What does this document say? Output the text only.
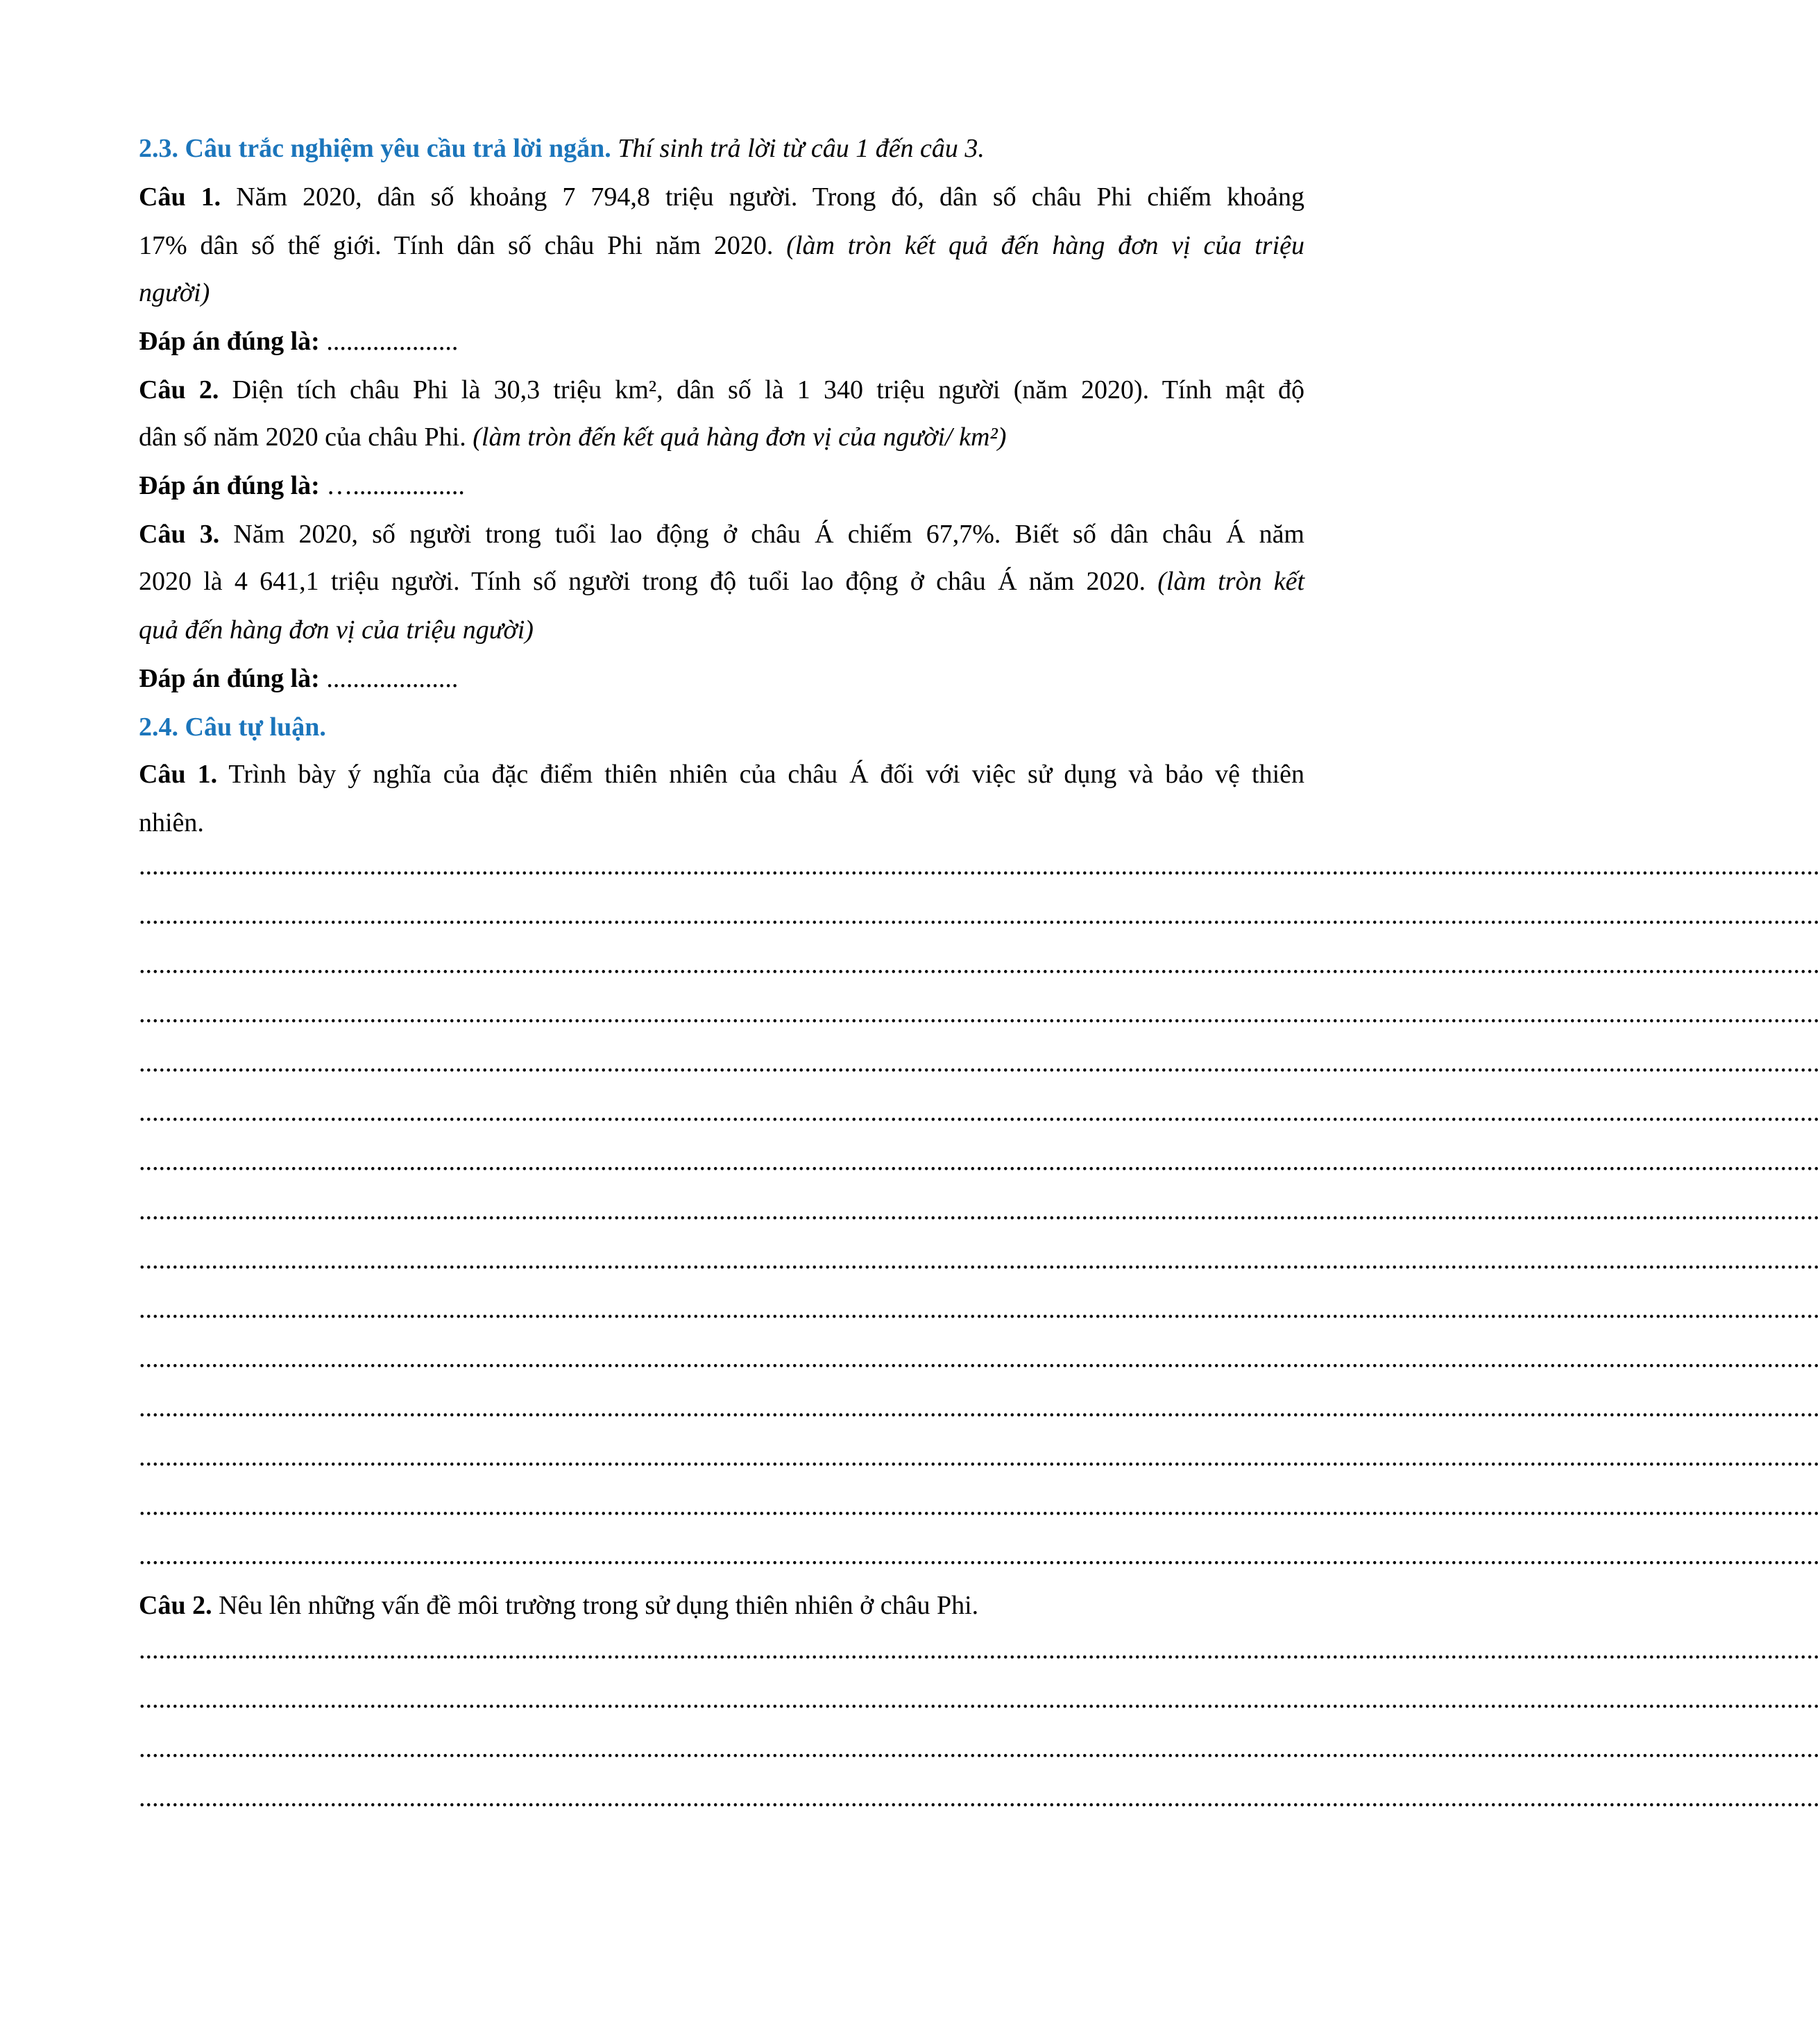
2.3. Câu trắc nghiệm yêu cầu trả lời ngắn. Thí sinh trả lời từ câu 1 đến câu 3.
Câu 1. Năm 2020, dân số khoảng 7 794,8 triệu người. Trong đó, dân số châu Phi chiếm khoảng
17% dân số thế giới. Tính dân số châu Phi năm 2020. (làm tròn kết quả đến hàng đơn vị của triệu
người)
Đáp án đúng là: ....................
Câu 2. Diện tích châu Phi là 30,3 triệu km², dân số là 1 340 triệu người (năm 2020). Tính mật độ
dân số năm 2020 của châu Phi. (làm tròn đến kết quả hàng đơn vị của người/ km²)
Đáp án đúng là: ….................
Câu 3. Năm 2020, số người trong tuổi lao động ở châu Á chiếm 67,7%. Biết số dân châu Á năm
2020 là 4 641,1 triệu người. Tính số người trong độ tuổi lao động ở châu Á năm 2020. (làm tròn kết
quả đến hàng đơn vị của triệu người)
Đáp án đúng là: ....................
2.4. Câu tự luận.
Câu 1. Trình bày ý nghĩa của đặc điểm thiên nhiên của châu Á đối với việc sử dụng và bảo vệ thiên
nhiên.
...............................................................................................................................................................................................................................................................
...............................................................................................................................................................................................................................................................
...............................................................................................................................................................................................................................................................
...............................................................................................................................................................................................................................................................
...............................................................................................................................................................................................................................................................
...............................................................................................................................................................................................................................................................
...............................................................................................................................................................................................................................................................
...............................................................................................................................................................................................................................................................
...............................................................................................................................................................................................................................................................
...............................................................................................................................................................................................................................................................
...............................................................................................................................................................................................................................................................
...............................................................................................................................................................................................................................................................
...............................................................................................................................................................................................................................................................
...............................................................................................................................................................................................................................................................
...............................................................................................................................................................................................................................................................
Câu 2. Nêu lên những vấn đề môi trường trong sử dụng thiên nhiên ở châu Phi.
...............................................................................................................................................................................................................................................................
...............................................................................................................................................................................................................................................................
...............................................................................................................................................................................................................................................................
...............................................................................................................................................................................................................................................................
